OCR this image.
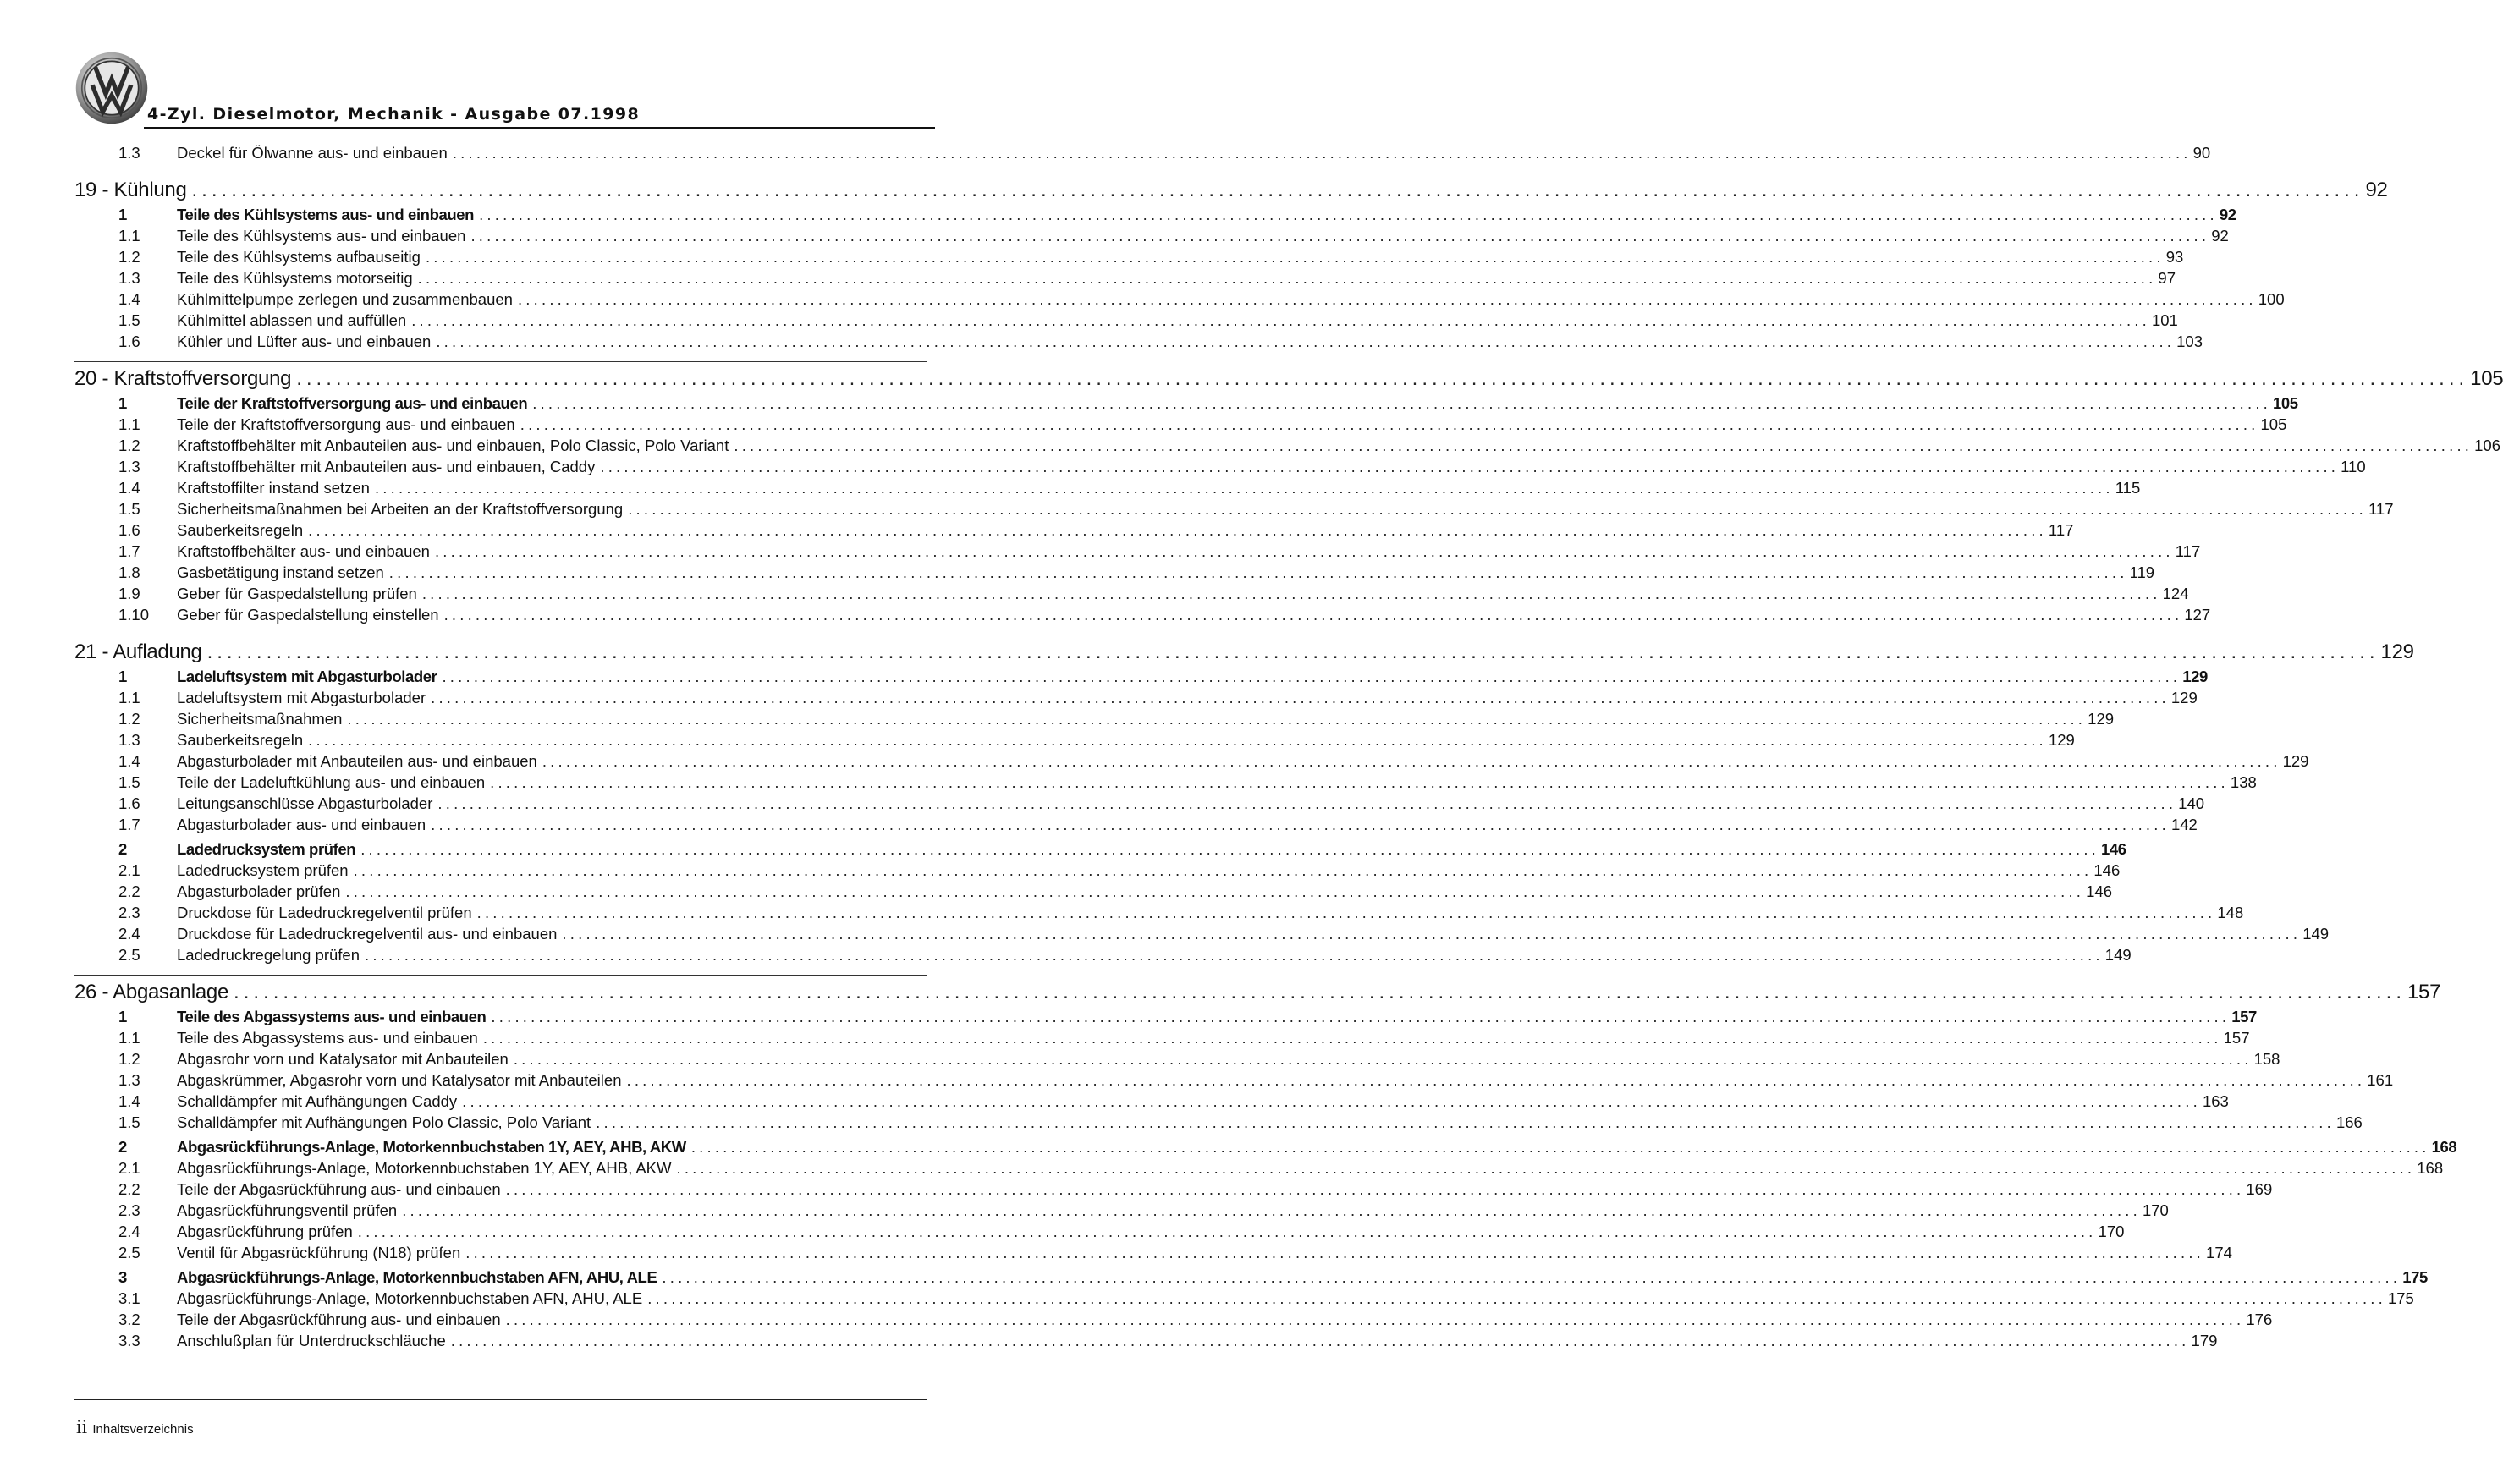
4-Zyl. Dieselmotor, Mechanik - Ausgabe 07.1998
1.3	Deckel für Ölwanne aus- und einbauen ............................................................................................................................................................................................................................ 90
19 - Kühlung ............................................................................................................................................................................................................................ 92
1	Teile des Kühlsystems aus- und einbauen ............................................................................................................................................................................................................................ 92
1.1	Teile des Kühlsystems aus- und einbauen ............................................................................................................................................................................................................................ 92
1.2	Teile des Kühlsystems aufbauseitig ............................................................................................................................................................................................................................ 93
1.3	Teile des Kühlsystems motorseitig ............................................................................................................................................................................................................................ 97
1.4	Kühlmittelpumpe zerlegen und zusammenbauen ............................................................................................................................................................................................................................ 100
1.5	Kühlmittel ablassen und auffüllen ............................................................................................................................................................................................................................ 101
1.6	Kühler und Lüfter aus- und einbauen ............................................................................................................................................................................................................................ 103
20 - Kraftstoffversorgung ............................................................................................................................................................................................................................ 105
1	Teile der Kraftstoffversorgung aus- und einbauen ............................................................................................................................................................................................................................ 105
1.1	Teile der Kraftstoffversorgung aus- und einbauen ............................................................................................................................................................................................................................ 105
1.2	Kraftstoffbehälter mit Anbauteilen aus- und einbauen, Polo Classic, Polo Variant ............................................................................................................................................................................................................................ 106
1.3	Kraftstoffbehälter mit Anbauteilen aus- und einbauen, Caddy ............................................................................................................................................................................................................................ 110
1.4	Kraftstoffilter instand setzen ............................................................................................................................................................................................................................ 115
1.5	Sicherheitsmaßnahmen bei Arbeiten an der Kraftstoffversorgung ............................................................................................................................................................................................................................ 117
1.6	Sauberkeitsregeln ............................................................................................................................................................................................................................ 117
1.7	Kraftstoffbehälter aus- und einbauen ............................................................................................................................................................................................................................ 117
1.8	Gasbetätigung instand setzen ............................................................................................................................................................................................................................ 119
1.9	Geber für Gaspedalstellung prüfen ............................................................................................................................................................................................................................ 124
1.10	Geber für Gaspedalstellung einstellen ............................................................................................................................................................................................................................ 127
21 - Aufladung ............................................................................................................................................................................................................................ 129
1	Ladeluftsystem mit Abgasturbolader ............................................................................................................................................................................................................................ 129
1.1	Ladeluftsystem mit Abgasturbolader ............................................................................................................................................................................................................................ 129
1.2	Sicherheitsmaßnahmen ............................................................................................................................................................................................................................ 129
1.3	Sauberkeitsregeln ............................................................................................................................................................................................................................ 129
1.4	Abgasturbolader mit Anbauteilen aus- und einbauen ............................................................................................................................................................................................................................ 129
1.5	Teile der Ladeluftkühlung aus- und einbauen ............................................................................................................................................................................................................................ 138
1.6	Leitungsanschlüsse Abgasturbolader ............................................................................................................................................................................................................................ 140
1.7	Abgasturbolader aus- und einbauen ............................................................................................................................................................................................................................ 142
2	Ladedrucksystem prüfen ............................................................................................................................................................................................................................ 146
2.1	Ladedrucksystem prüfen ............................................................................................................................................................................................................................ 146
2.2	Abgasturbolader prüfen ............................................................................................................................................................................................................................ 146
2.3	Druckdose für Ladedruckregelventil prüfen ............................................................................................................................................................................................................................ 148
2.4	Druckdose für Ladedruckregelventil aus- und einbauen ............................................................................................................................................................................................................................ 149
2.5	Ladedruckregelung prüfen ............................................................................................................................................................................................................................ 149
26 - Abgasanlage ............................................................................................................................................................................................................................ 157
1	Teile des Abgassystems aus- und einbauen ............................................................................................................................................................................................................................ 157
1.1	Teile des Abgassystems aus- und einbauen ............................................................................................................................................................................................................................ 157
1.2	Abgasrohr vorn und Katalysator mit Anbauteilen ............................................................................................................................................................................................................................ 158
1.3	Abgaskrümmer, Abgasrohr vorn und Katalysator mit Anbauteilen ............................................................................................................................................................................................................................ 161
1.4	Schalldämpfer mit Aufhängungen Caddy ............................................................................................................................................................................................................................ 163
1.5	Schalldämpfer mit Aufhängungen Polo Classic, Polo Variant ............................................................................................................................................................................................................................ 166
2	Abgasrückführungs-Anlage, Motorkennbuchstaben 1Y, AEY, AHB, AKW ............................................................................................................................................................................................................................ 168
2.1	Abgasrückführungs-Anlage, Motorkennbuchstaben 1Y, AEY, AHB, AKW ............................................................................................................................................................................................................................ 168
2.2	Teile der Abgasrückführung aus- und einbauen ............................................................................................................................................................................................................................ 169
2.3	Abgasrückführungsventil prüfen ............................................................................................................................................................................................................................ 170
2.4	Abgasrückführung prüfen ............................................................................................................................................................................................................................ 170
2.5	Ventil für Abgasrückführung (N18) prüfen ............................................................................................................................................................................................................................ 174
3	Abgasrückführungs-Anlage, Motorkennbuchstaben AFN, AHU, ALE ............................................................................................................................................................................................................................ 175
3.1	Abgasrückführungs-Anlage, Motorkennbuchstaben AFN, AHU, ALE ............................................................................................................................................................................................................................ 175
3.2	Teile der Abgasrückführung aus- und einbauen ............................................................................................................................................................................................................................ 176
3.3	Anschlußplan für Unterdruckschläuche ............................................................................................................................................................................................................................ 179
ii Inhaltsverzeichnis
